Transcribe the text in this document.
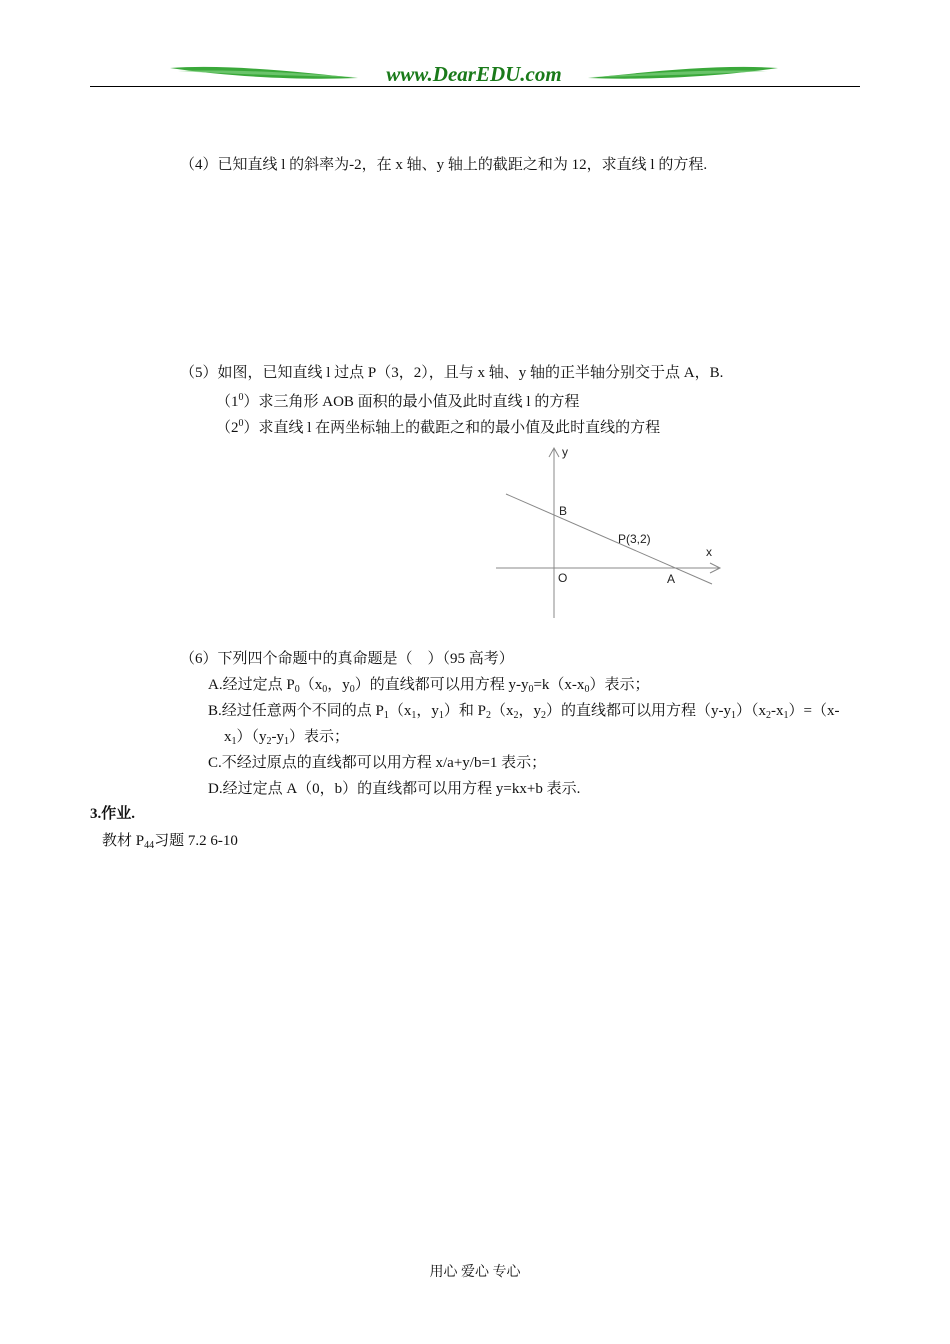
www.DearEDU.com
（4）已知直线 l 的斜率为-2，在 x 轴、y 轴上的截距之和为 12，求直线 l 的方程.
（5）如图，已知直线 l 过点 P（3，2），且与 x 轴、y 轴的正半轴分别交于点 A，B.
$(1^0)$求三角形 AOB 面积的最小值及此时直线 l 的方程
$(2^0)$求直线 l 在两坐标轴上的截距之和的最小值及此时直线的方程
y
x
O	A
B
P(3,2)
（6）下列四个命题中的真命题是（　）（95 高考）
A.经过定点 $P_0(x_0$，$y_0$）的直线都可以用方程 $y-y_0=k(x-x_0)$表示；
B.经过任意两个不同的点 $P_1(x_1$，$y_1$）和 $P_2(x_2$，$y_2$）的直线都可以用方程$(y-y_1)(x_2-x_1)=(x-$
$x_1)(y_2-y_1)$表示；
C.不经过原点的直线都可以用方程 x/a+y/b=1 表示；
D.经过定点 A（0，b）的直线都可以用方程 y=kx+b 表示.
3.作业.
教材 $P_{44}$习题 7.2 6-10
用心 爱心 专心
